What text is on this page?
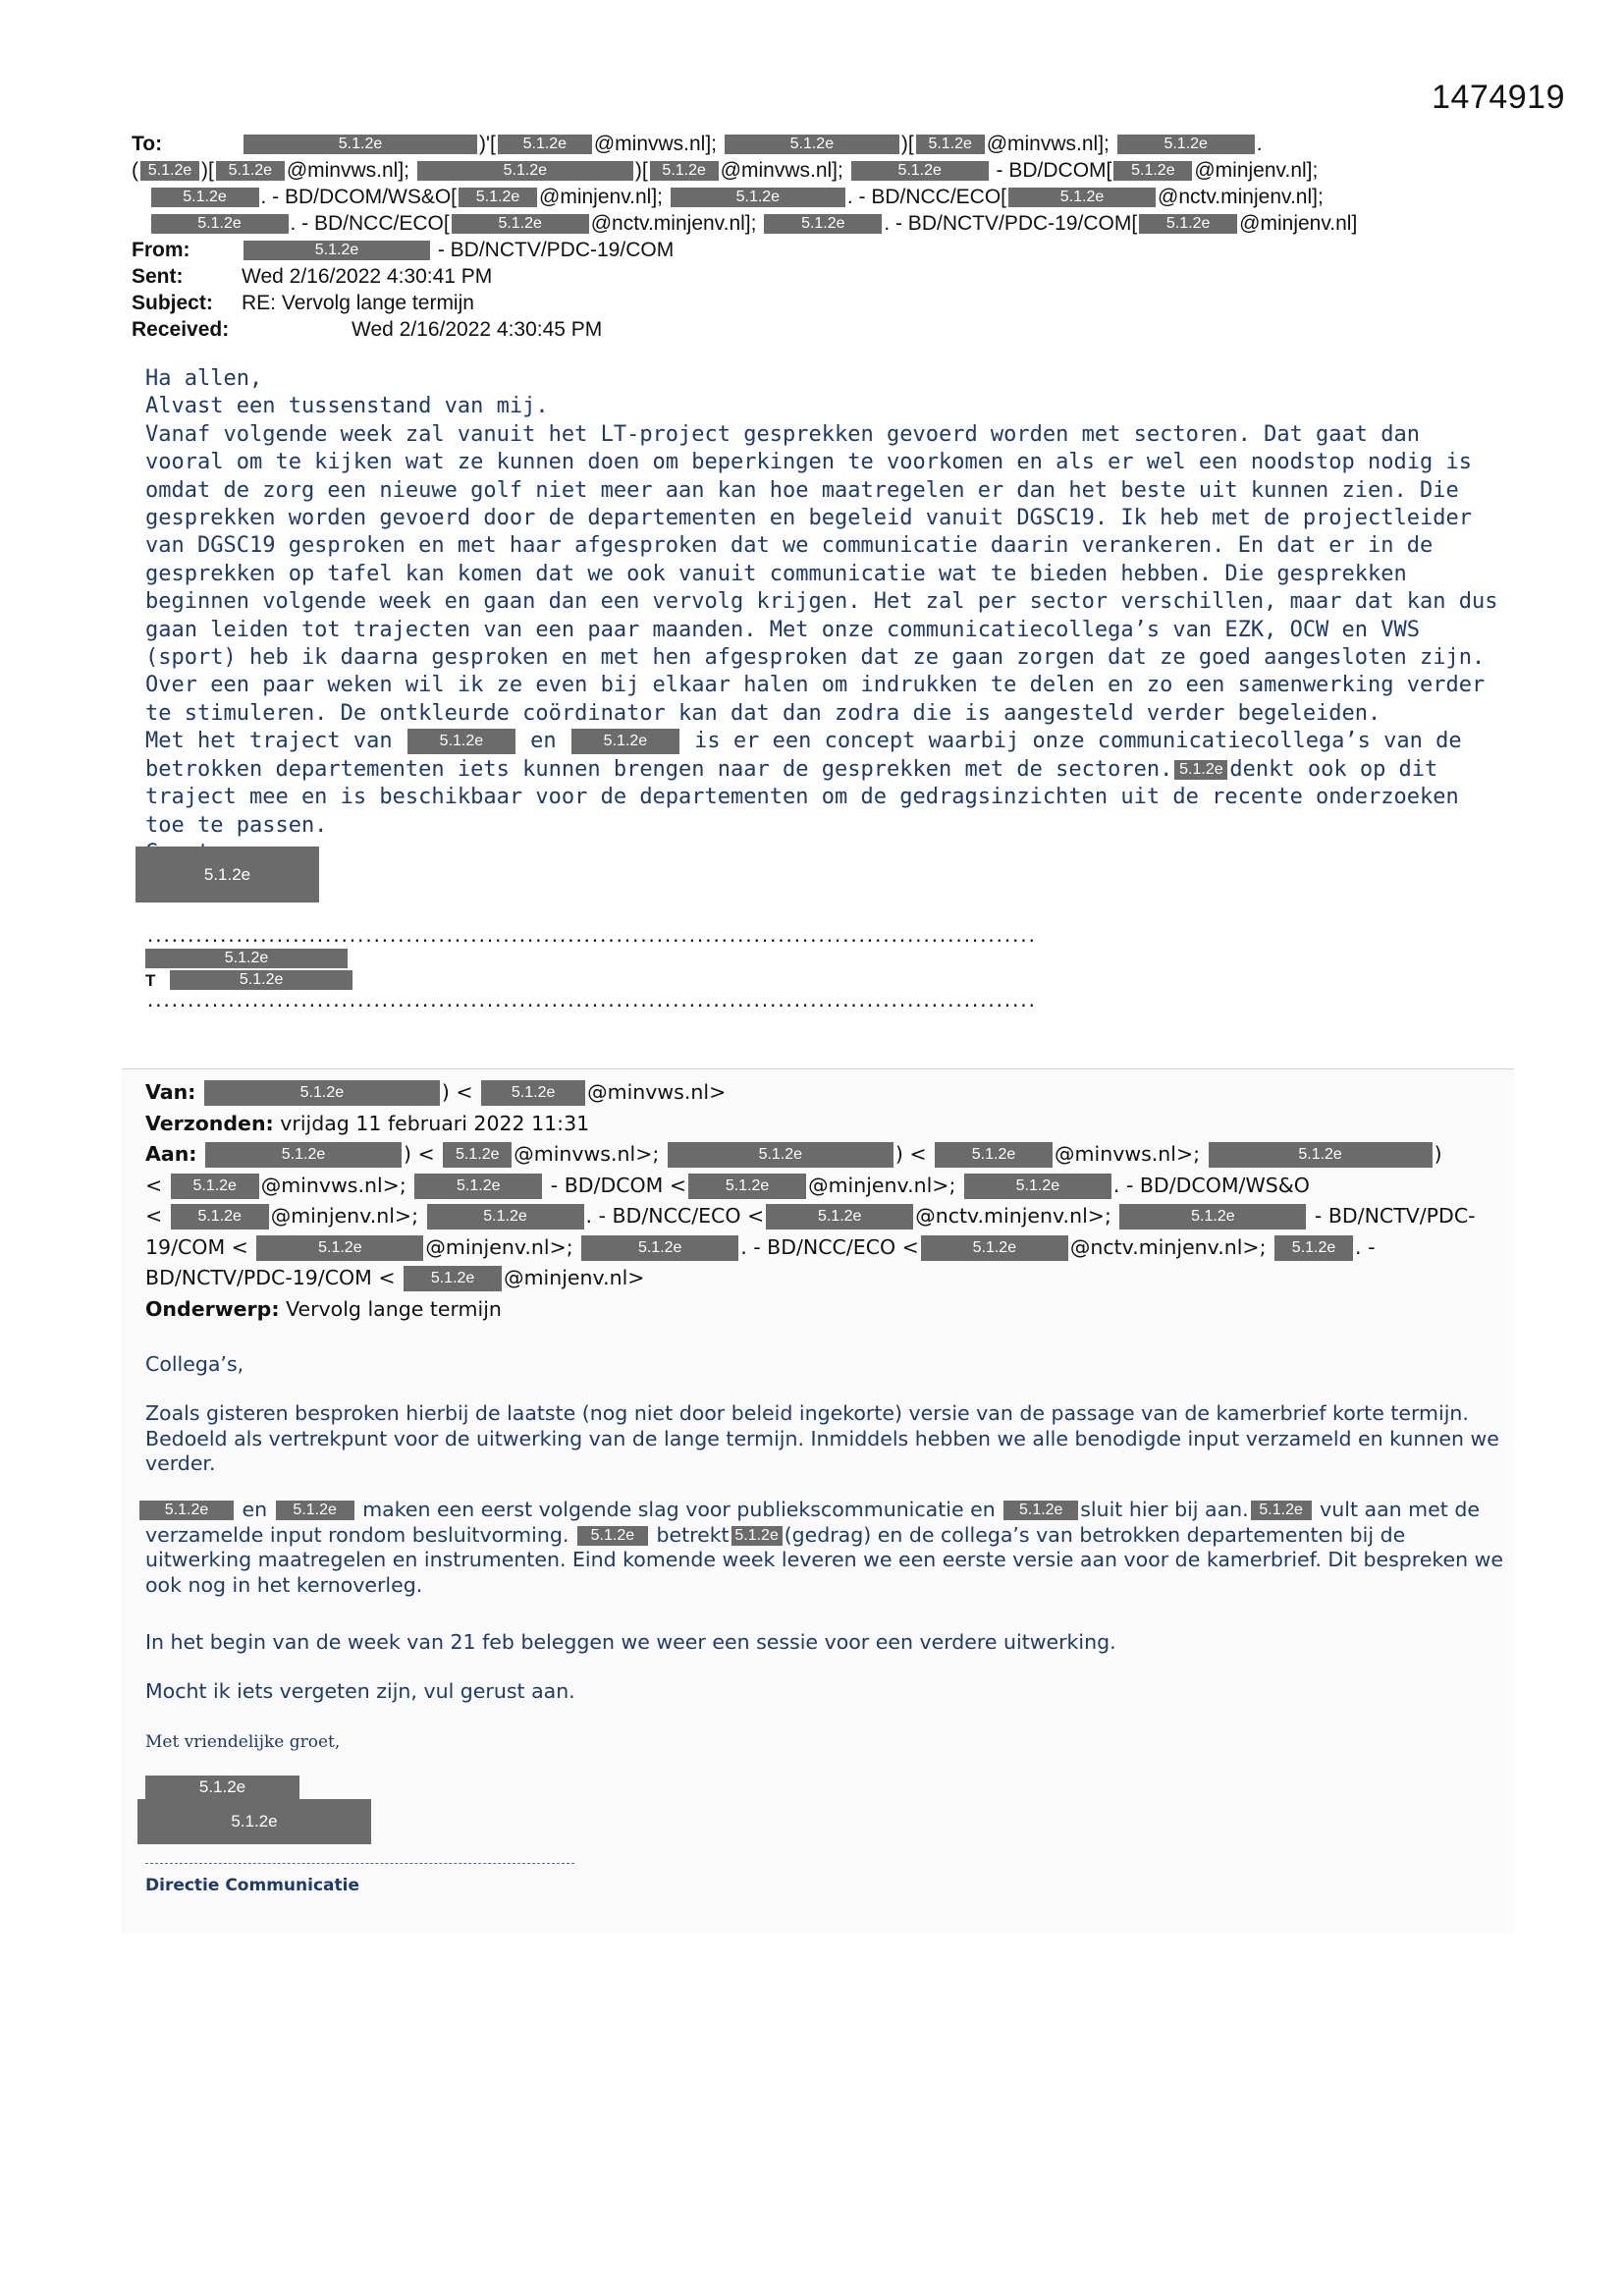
1474919
To:	5.1.2e	)'[ 5.1.2e @minvws.nl];	5.1.2e	)[ 5.1.2e @minvws.nl];	5.1.2e .
( 5.1.2e )[ 5.1.2e @minvws.nl];	5.1.2e	)[ 5.1.2e @minvws.nl];	5.1.2e - BD/DCOM[ 5.1.2e @minjenv.nl];
5.1.2e . - BD/DCOM/WS&O[ 5.1.2e @minjenv.nl];	5.1.2e	. - BD/NCC/ECO[	5.1.2e	@nctv.minjenv.nl];
5.1.2e . - BD/NCC/ECO[	5.1.2e @nctv.minjenv.nl];	5.1.2e . - BD/NCTV/PDC-19/COM[ 5.1.2e @minjenv.nl]
From:	5.1.2e	- BD/NCTV/PDC-19/COM
Sent:	Wed 2/16/2022 4:30:41 PM
Subject: RE: Vervolg lange termijn
Received:	Wed 2/16/2022 4:30:45 PM

Ha allen,

Alvast een tussenstand van mij.

Vanaf volgende week zal vanuit het LT-project gesprekken gevoerd worden met sectoren. Dat gaat dan vooral om te kijken wat ze kunnen doen om beperkingen te voorkomen en als er wel een noodstop nodig is omdat de zorg een nieuwe golf niet meer aan kan hoe maatregelen er dan het beste uit kunnen zien. Die gesprekken worden gevoerd door de departementen en begeleid vanuit DGSC19. Ik heb met de projectleider van DGSC19 gesproken en met haar afgesproken dat we communicatie daarin verankeren. En dat er in de gesprekken op tafel kan komen dat we ook vanuit communicatie wat te bieden hebben. Die gesprekken beginnen volgende week en gaan dan een vervolg krijgen. Het zal per sector verschillen, maar dat kan dus gaan leiden tot trajecten van een paar maanden. Met onze communicatiecollega’s van EZK, OCW en VWS (sport) heb ik daarna gesproken en met hen afgesproken dat ze gaan zorgen dat ze goed aangesloten zijn. Over een paar weken wil ik ze even bij elkaar halen om indrukken te delen en zo een samenwerking verder te stimuleren. De ontkleurde coördinator kan dat dan zodra die is aangesteld verder begeleiden.

Met het traject van	5.1.2e en	5.1.2e is er een concept waarbij onze communicatiecollega’s van de betrokken departementen iets kunnen brengen naar de gesprekken met de sectoren. 5.1.2e denkt ook op dit traject mee en is beschikbaar voor de departementen om de gedragsinzichten uit de recente onderzoeken toe te passen.

5.1.2e
..............................................................................................................
5.1.2e
T	5.1.2e
..............................................................................................................
Van:	5.1.2e	) < 5.1.2e @minvws.nl>
Verzonden: vrijdag 11 februari 2022 11:31
Aan:	5.1.2e	) < 5.1.2e @minvws.nl>;	5.1.2e	) < 5.1.2e @minvws.nl>;	5.1.2e	)
< 5.1.2e @minvws.nl>;	5.1.2e - BD/DCOM < 5.1.2e @minjenv.nl>;	5.1.2e	. - BD/DCOM/WS&O
< 5.1.2e @minjenv.nl>;	5.1.2e	. - BD/NCC/ECO <	5.1.2e	@nctv.minjenv.nl>;	5.1.2e	- BD/NCTV/PDC-
19/COM <	5.1.2e	@minjenv.nl>;	5.1.2e	. - BD/NCC/ECO <	5.1.2e	@nctv.minjenv.nl>; 5.1.2e . -
BD/NCTV/PDC-19/COM < 5.1.2e @minjenv.nl>
Onderwerp: Vervolg lange termijn

Collega’s,

Zoals gisteren besproken hierbij de laatste (nog niet door beleid ingekorte) versie van de passage van de kamerbrief korte termijn. Bedoeld als vertrekpunt voor de uitwerking van de lange termijn. Inmiddels hebben we alle benodigde input verzameld en kunnen we verder.

5.1.2e en 5.1.2e maken een eerst volgende slag voor publiekscommunicatie en 5.1.2e sluit hier bij aan. 5.1.2e vult aan met de verzamelde input rondom besluitvorming. 5.1.2e betrekt 5.1.2e (gedrag) en de collega’s van betrokken departementen bij de uitwerking maatregelen en instrumenten. Eind komende week leveren we een eerste versie aan voor de kamerbrief. Dit bespreken we ook nog in het kernoverleg.

In het begin van de week van 21 feb beleggen we weer een sessie voor een verdere uitwerking.

Mocht ik iets vergeten zijn, vul gerust aan.

Met vriendelijke groet,

5.1.2e
5.1.2e
Directie Communicatie
